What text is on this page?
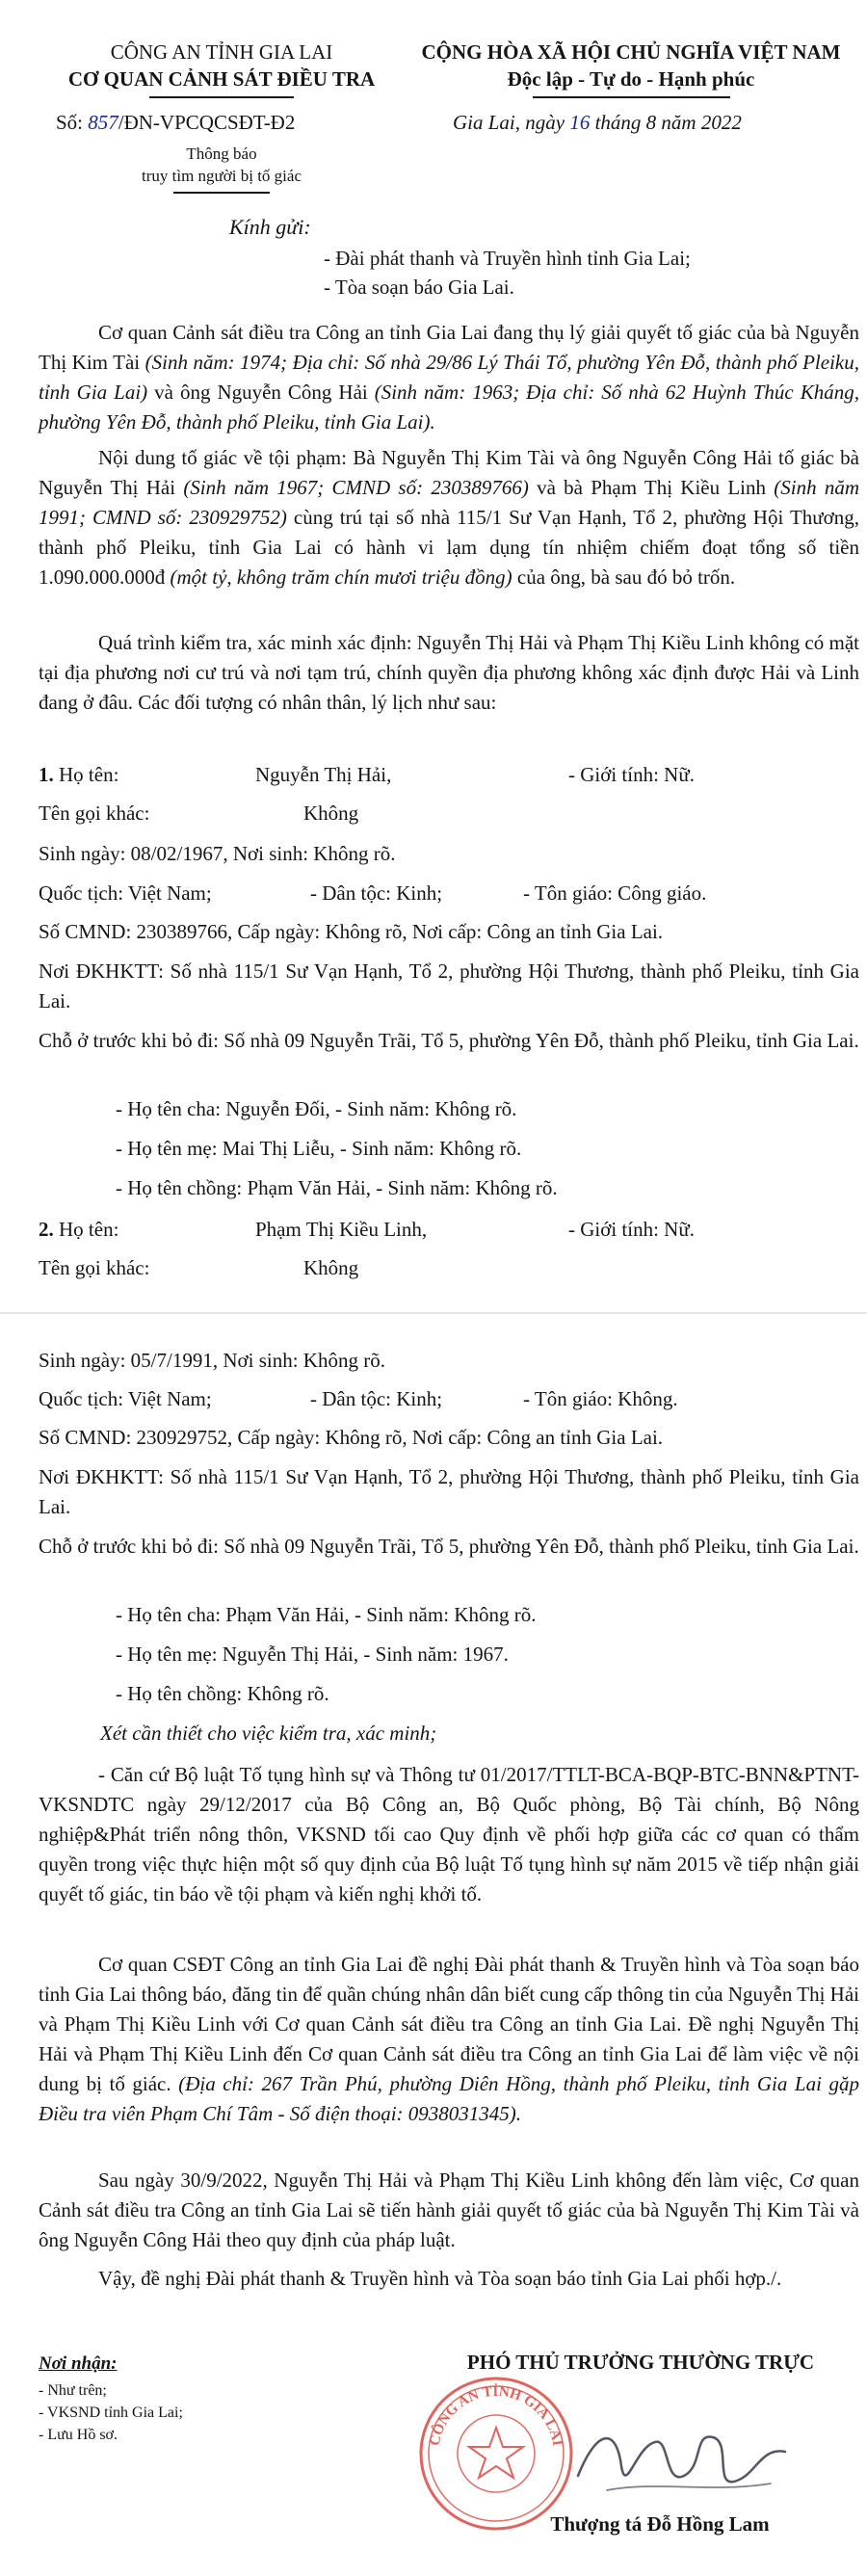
CÔNG AN TỈNH GIA LAI
CƠ QUAN CẢNH SÁT ĐIỀU TRA
CỘNG HÒA XÃ HỘI CHỦ NGHĨA VIỆT NAM
Độc lập - Tự do - Hạnh phúc
Số: 857/ĐN-VPCQCSĐT-Đ2	Gia Lai, ngày 16 tháng 8 năm 2022
Thông báo
truy tìm người bị tố giác
Kính gửi:
- Đài phát thanh và Truyền hình tỉnh Gia Lai;
- Tòa soạn báo Gia Lai.
Cơ quan Cảnh sát điều tra Công an tỉnh Gia Lai đang thụ lý giải quyết tố giác của bà Nguyễn Thị Kim Tài (Sinh năm: 1974; Địa chỉ: Số nhà 29/86 Lý Thái Tổ, phường Yên Đỗ, thành phố Pleiku, tỉnh Gia Lai) và ông Nguyễn Công Hải (Sinh năm: 1963; Địa chỉ: Số nhà 62 Huỳnh Thúc Kháng, phường Yên Đỗ, thành phố Pleiku, tỉnh Gia Lai).
Nội dung tố giác về tội phạm: Bà Nguyễn Thị Kim Tài và ông Nguyễn Công Hải tố giác bà Nguyễn Thị Hải (Sinh năm 1967; CMND số: 230389766) và bà Phạm Thị Kiều Linh (Sinh năm 1991; CMND số: 230929752) cùng trú tại số nhà 115/1 Sư Vạn Hạnh, Tổ 2, phường Hội Thương, thành phố Pleiku, tỉnh Gia Lai có hành vi lạm dụng tín nhiệm chiếm đoạt tổng số tiền 1.090.000.000đ (một tỷ, không trăm chín mươi triệu đồng) của ông, bà sau đó bỏ trốn.
Quá trình kiểm tra, xác minh xác định: Nguyễn Thị Hải và Phạm Thị Kiều Linh không có mặt tại địa phương nơi cư trú và nơi tạm trú, chính quyền địa phương không xác định được Hải và Linh đang ở đâu. Các đối tượng có nhân thân, lý lịch như sau:
1. Họ tên:	Nguyễn Thị Hải,	- Giới tính: Nữ.
Tên gọi khác:	Không
Sinh ngày: 08/02/1967, Nơi sinh: Không rõ.
Quốc tịch: Việt Nam;	- Dân tộc: Kinh;	- Tôn giáo: Công giáo.
Số CMND: 230389766, Cấp ngày: Không rõ, Nơi cấp: Công an tỉnh Gia Lai.
Nơi ĐKHKTT: Số nhà 115/1 Sư Vạn Hạnh, Tổ 2, phường Hội Thương, thành phố Pleiku, tỉnh Gia Lai.
Chỗ ở trước khi bỏ đi: Số nhà 09 Nguyễn Trãi, Tổ 5, phường Yên Đỗ, thành phố Pleiku, tỉnh Gia Lai.
- Họ tên cha: Nguyễn Đối, - Sinh năm: Không rõ.
- Họ tên mẹ: Mai Thị Liễu, - Sinh năm: Không rõ.
- Họ tên chồng: Phạm Văn Hải, - Sinh năm: Không rõ.
2. Họ tên:	Phạm Thị Kiều Linh,	- Giới tính: Nữ.
Tên gọi khác:	Không
Sinh ngày: 05/7/1991, Nơi sinh: Không rõ.
Quốc tịch: Việt Nam;	- Dân tộc: Kinh;	- Tôn giáo: Không.
Số CMND: 230929752, Cấp ngày: Không rõ, Nơi cấp: Công an tỉnh Gia Lai.
Nơi ĐKHKTT: Số nhà 115/1 Sư Vạn Hạnh, Tổ 2, phường Hội Thương, thành phố Pleiku, tỉnh Gia Lai.
Chỗ ở trước khi bỏ đi: Số nhà 09 Nguyễn Trãi, Tổ 5, phường Yên Đỗ, thành phố Pleiku, tỉnh Gia Lai.
- Họ tên cha: Phạm Văn Hải, - Sinh năm: Không rõ.
- Họ tên mẹ: Nguyễn Thị Hải, - Sinh năm: 1967.
- Họ tên chồng: Không rõ.
Xét cần thiết cho việc kiểm tra, xác minh;
- Căn cứ Bộ luật Tố tụng hình sự và Thông tư 01/2017/TTLT-BCA-BQP-BTC-BNN&PTNT-VKSNDTC ngày 29/12/2017 của Bộ Công an, Bộ Quốc phòng, Bộ Tài chính, Bộ Nông nghiệp&Phát triển nông thôn, VKSND tối cao Quy định về phối hợp giữa các cơ quan có thẩm quyền trong việc thực hiện một số quy định của Bộ luật Tố tụng hình sự năm 2015 về tiếp nhận giải quyết tố giác, tin báo về tội phạm và kiến nghị khởi tố.
Cơ quan CSĐT Công an tỉnh Gia Lai đề nghị Đài phát thanh & Truyền hình và Tòa soạn báo tỉnh Gia Lai thông báo, đăng tin để quần chúng nhân dân biết cung cấp thông tin của Nguyễn Thị Hải và Phạm Thị Kiều Linh với Cơ quan Cảnh sát điều tra Công an tỉnh Gia Lai. Đề nghị Nguyễn Thị Hải và Phạm Thị Kiều Linh đến Cơ quan Cảnh sát điều tra Công an tỉnh Gia Lai để làm việc về nội dung bị tố giác. (Địa chỉ: 267 Trần Phú, phường Diên Hồng, thành phố Pleiku, tỉnh Gia Lai gặp Điều tra viên Phạm Chí Tâm - Số điện thoại: 0938031345).
Sau ngày 30/9/2022, Nguyễn Thị Hải và Phạm Thị Kiều Linh không đến làm việc, Cơ quan Cảnh sát điều tra Công an tỉnh Gia Lai sẽ tiến hành giải quyết tố giác của bà Nguyễn Thị Kim Tài và ông Nguyễn Công Hải theo quy định của pháp luật.
Vậy, đề nghị Đài phát thanh & Truyền hình và Tòa soạn báo tỉnh Gia Lai phối hợp./.
Nơi nhận:
- Như trên;
- VKSND tỉnh Gia Lai;
- Lưu Hồ sơ.
PHÓ THỦ TRƯỞNG THƯỜNG TRỰC
CÔNG AN TỈNH GIA LAI
Thượng tá Đỗ Hồng Lam
